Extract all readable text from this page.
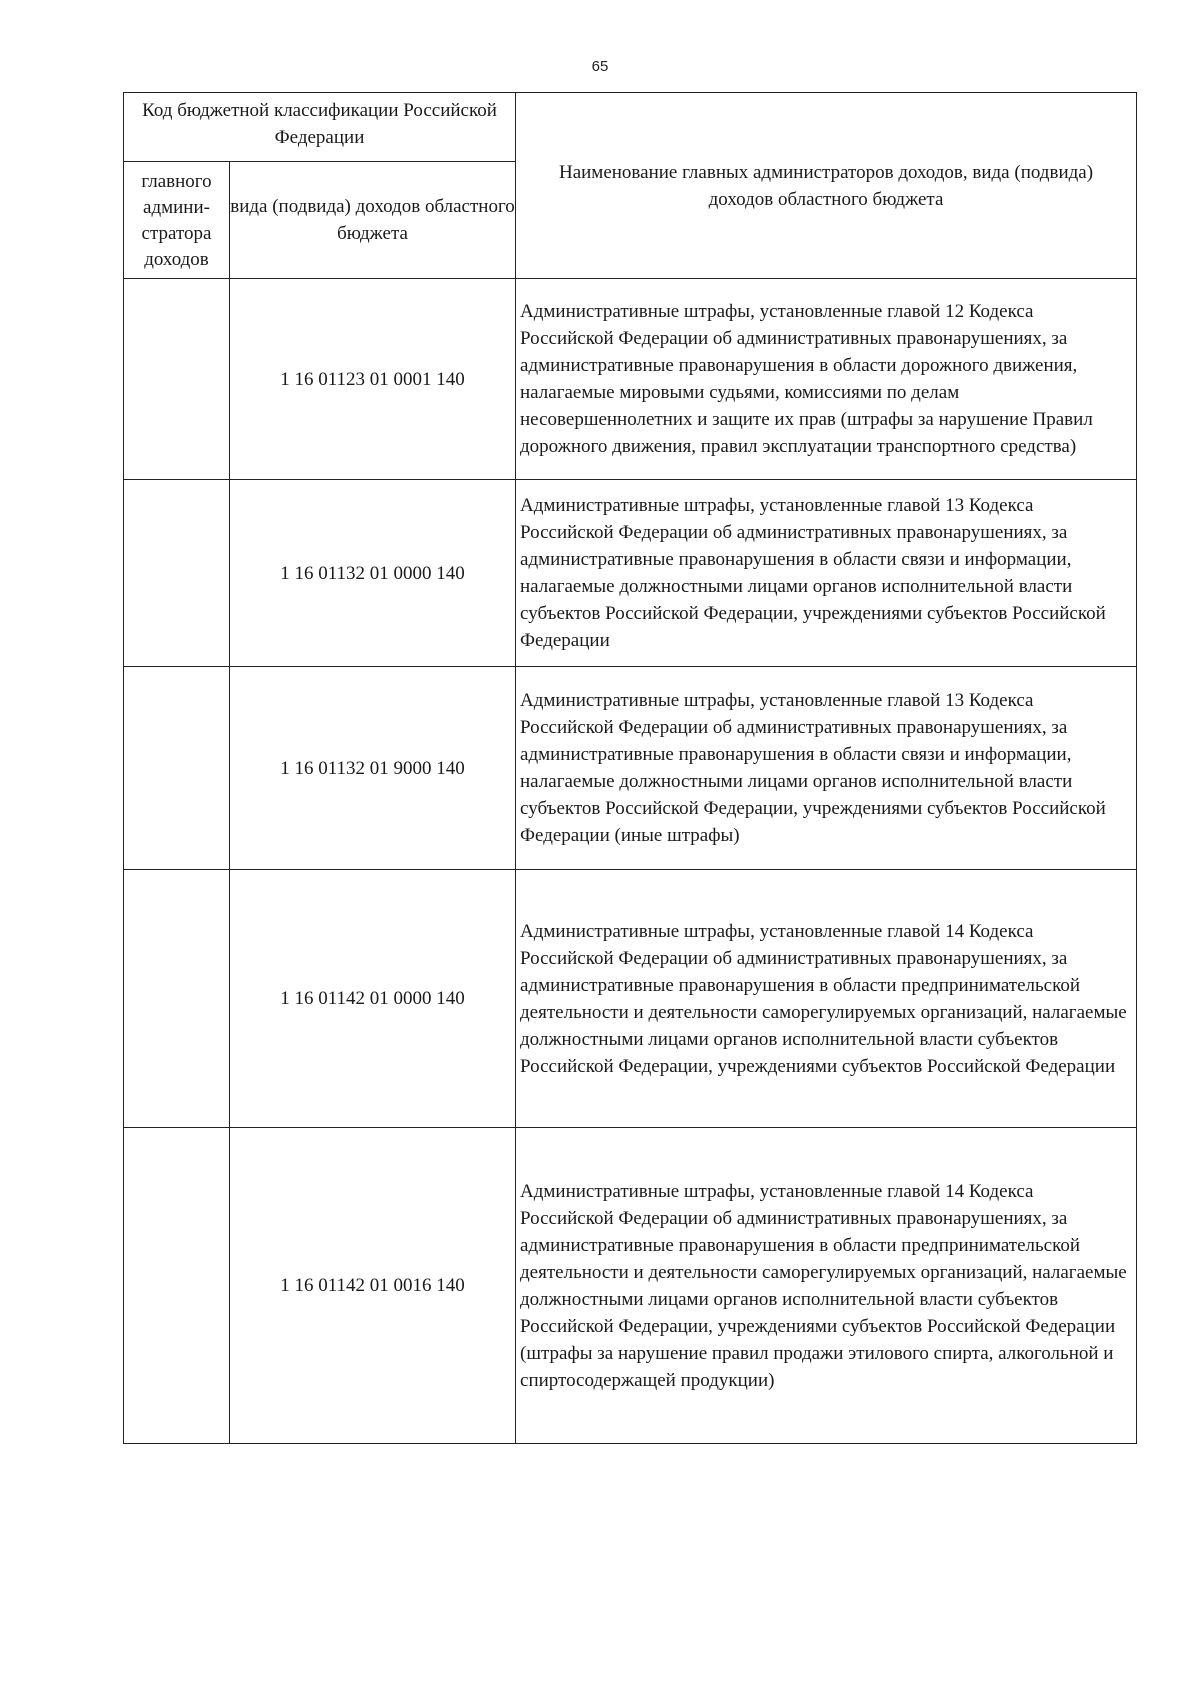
65
Код бюджетной классификации Российской Федерации		Наименование главных администраторов доходов, вида (подвида) доходов областного бюджета
главного админи-стратора доходов	вида (подвида) доходов областного бюджета	
	1 16 01123 01 0001 140	Административные штрафы, установленные главой 12 Кодекса Российской Федерации об административных правонарушениях, за административные правонарушения в области дорожного движения, налагаемые мировыми судьями, комиссиями по делам несовершеннолетних и защите их прав (штрафы за нарушение Правил дорожного движения, правил эксплуатации транспортного средства)
	1 16 01132 01 0000 140	Административные штрафы, установленные главой 13 Кодекса Российской Федерации об административных правонарушениях, за административные правонарушения в области связи и информации, налагаемые должностными лицами органов исполнительной власти субъектов Российской Федерации, учреждениями субъектов Российской Федерации
	1 16 01132 01 9000 140	Административные штрафы, установленные главой 13 Кодекса Российской Федерации об административных правонарушениях, за административные правонарушения в области связи и информации, налагаемые должностными лицами органов исполнительной власти субъектов Российской Федерации, учреждениями субъектов Российской Федерации (иные штрафы)
	1 16 01142 01 0000 140	Административные штрафы, установленные главой 14 Кодекса Российской Федерации об административных правонарушениях, за административные правонарушения в области предпринимательской деятельности и деятельности саморегулируемых организаций, налагаемые должностными лицами органов исполнительной власти субъектов Российской Федерации, учреждениями субъектов Российской Федерации
	1 16 01142 01 0016 140	Административные штрафы, установленные главой 14 Кодекса Российской Федерации об административных правонарушениях, за административные правонарушения в области предпринимательской деятельности и деятельности саморегулируемых организаций, налагаемые должностными лицами органов исполнительной власти субъектов Российской Федерации, учреждениями субъектов Российской Федерации (штрафы за нарушение правил продажи этилового спирта, алкогольной и спиртосодержащей продукции)
